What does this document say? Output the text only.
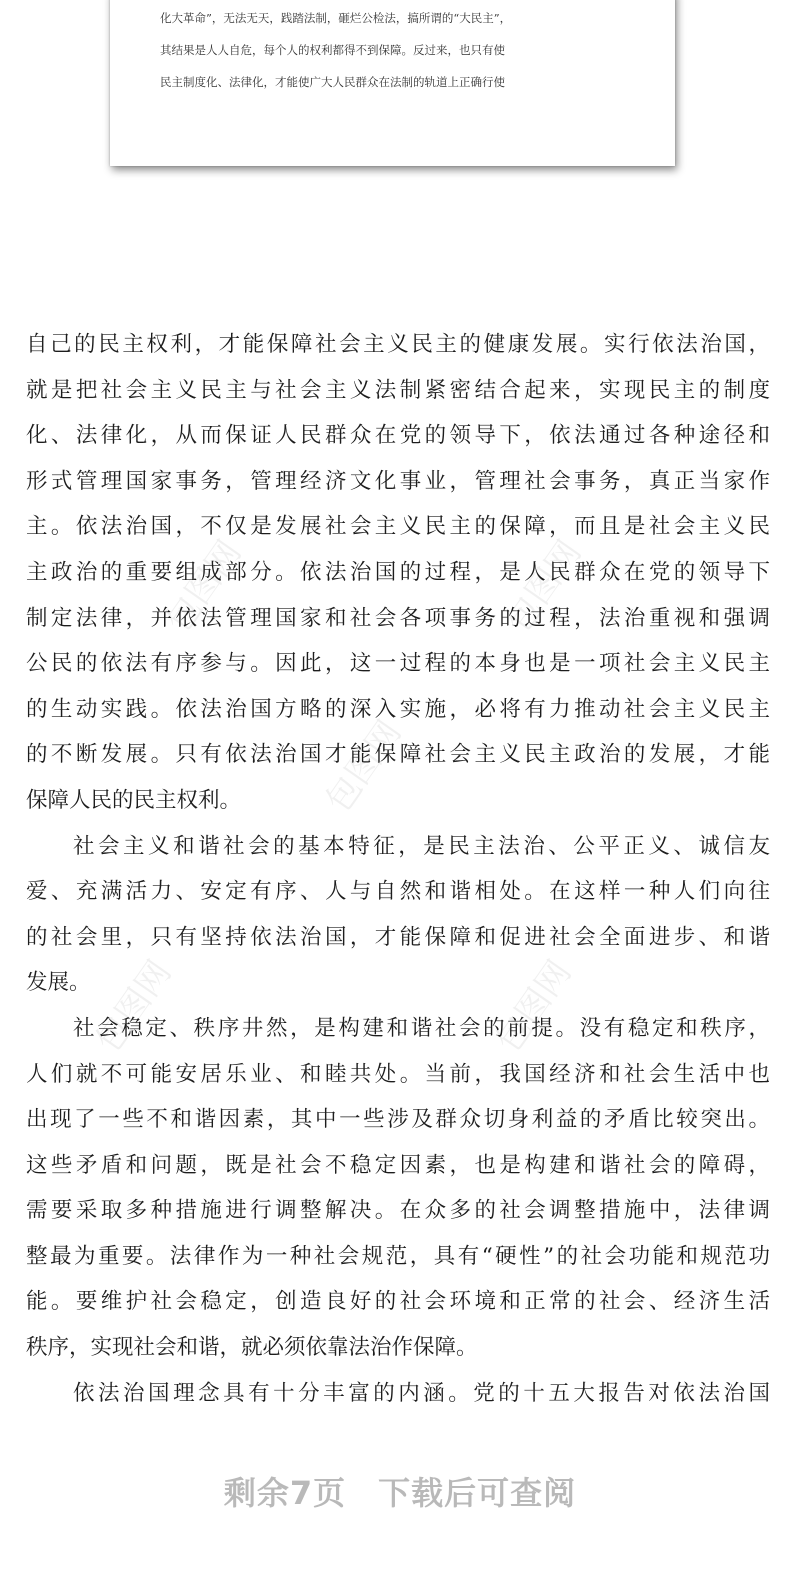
化大革命”，无法无天，践踏法制，砸烂公检法，搞所谓的“大民主”，
其结果是人人自危，每个人的权利都得不到保障。反过来，也只有使
民主制度化、法律化，才能使广大人民群众在法制的轨道上正确行使
包图网	包图网
包图网
包图网	包图网
自己的民主权利，才能保障社会主义民主的健康发展。实行依法治国，
就是把社会主义民主与社会主义法制紧密结合起来，实现民主的制度
化、法律化，从而保证人民群众在党的领导下，依法通过各种途径和
形式管理国家事务，管理经济文化事业，管理社会事务，真正当家作
主。依法治国，不仅是发展社会主义民主的保障，而且是社会主义民
主政治的重要组成部分。依法治国的过程，是人民群众在党的领导下
制定法律，并依法管理国家和社会各项事务的过程，法治重视和强调
公民的依法有序参与。因此，这一过程的本身也是一项社会主义民主
的生动实践。依法治国方略的深入实施，必将有力推动社会主义民主
的不断发展。只有依法治国才能保障社会主义民主政治的发展，才能
保障人民的民主权利。
社会主义和谐社会的基本特征，是民主法治、公平正义、诚信友
爱、充满活力、安定有序、人与自然和谐相处。在这样一种人们向往
的社会里，只有坚持依法治国，才能保障和促进社会全面进步、和谐
发展。
社会稳定、秩序井然，是构建和谐社会的前提。没有稳定和秩序，
人们就不可能安居乐业、和睦共处。当前，我国经济和社会生活中也
出现了一些不和谐因素，其中一些涉及群众切身利益的矛盾比较突出。
这些矛盾和问题，既是社会不稳定因素，也是构建和谐社会的障碍，
需要采取多种措施进行调整解决。在众多的社会调整措施中，法律调
整最为重要。法律作为一种社会规范，具有“硬性”的社会功能和规范功
能。要维护社会稳定，创造良好的社会环境和正常的社会、经济生活
秩序，实现社会和谐，就必须依靠法治作保障。
依法治国理念具有十分丰富的内涵。党的十五大报告对依法治国
剩余7页 下载后可查阅
